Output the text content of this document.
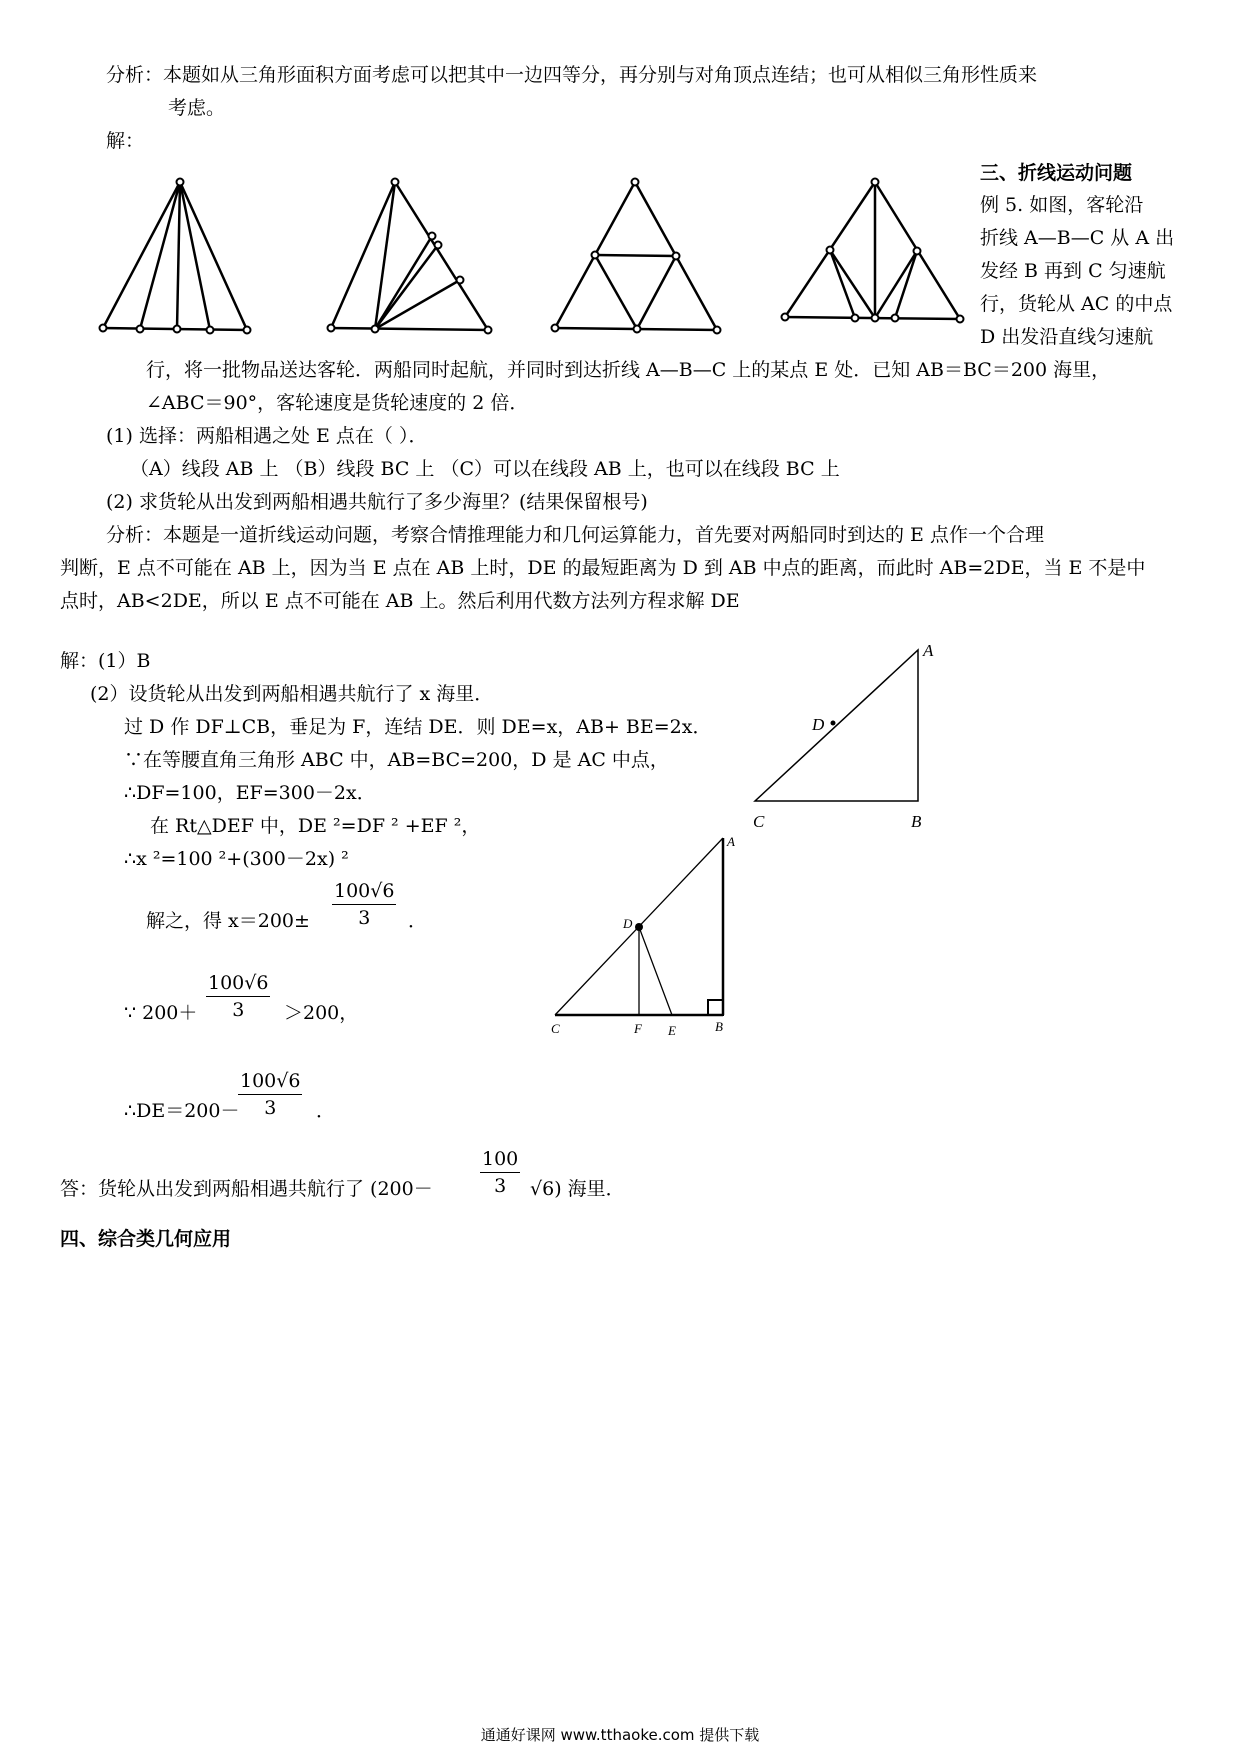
分析：本题如从三角形面积方面考虑可以把其中一边四等分，再分别与对角顶点连结；也可从相似三角形性质来
考虑。
解：
三、折线运动问题
例 5. 如图，客轮沿
折线 A—B—C 从 A 出
发经 B 再到 C 匀速航
行，货轮从 AC 的中点
D 出发沿直线匀速航
行，将一批物品送达客轮．两船同时起航，并同时到达折线 A—B—C 上的某点 E 处．已知 AB＝BC＝200 海里，
∠ABC＝90°，客轮速度是货轮速度的 2 倍．
(1) 选择：两船相遇之处 E 点在（ ）．
（A）线段 AB 上 （B）线段 BC 上 （C）可以在线段 AB 上，也可以在线段 BC 上
(2) 求货轮从出发到两船相遇共航行了多少海里？(结果保留根号)
分析：本题是一道折线运动问题，考察合情推理能力和几何运算能力，首先要对两船同时到达的 E 点作一个合理
判断，E 点不可能在 AB 上，因为当 E 点在 AB 上时，DE 的最短距离为 D 到 AB 中点的距离，而此时 AB=2DE，当 E 不是中
点时，AB<2DE，所以 E 点不可能在 AB 上。然后利用代数方法列方程求解 DE
解：(1）B
(2）设货轮从出发到两船相遇共航行了 x 海里．
过 D 作 DF⊥CB，垂足为 F，连结 DE．则 DE=x，AB+ BE=2x．
∵在等腰直角三角形 ABC 中，AB=BC=200，D 是 AC 中点，
∴DF=100，EF=300－2x．
在 Rt△DEF 中，DE ²=DF ² +EF ²，
∴x ²=100 ²+(300－2x) ²
解之，得 $x=200\pm \frac{100√6}{3}$ ．
∵ $200+ \frac{100√6}{3} >200$，
∴DE＝200－
$\frac{100√6}{3}$ ．
答：货轮从出发到两船相遇共航行了 $(200- \frac{100}{3} √6)$ 海里．
四、综合类几何应用
A
B
C
D
A
B
C
D
E
F
通通好课网 www.tthaoke.com 提供下载
